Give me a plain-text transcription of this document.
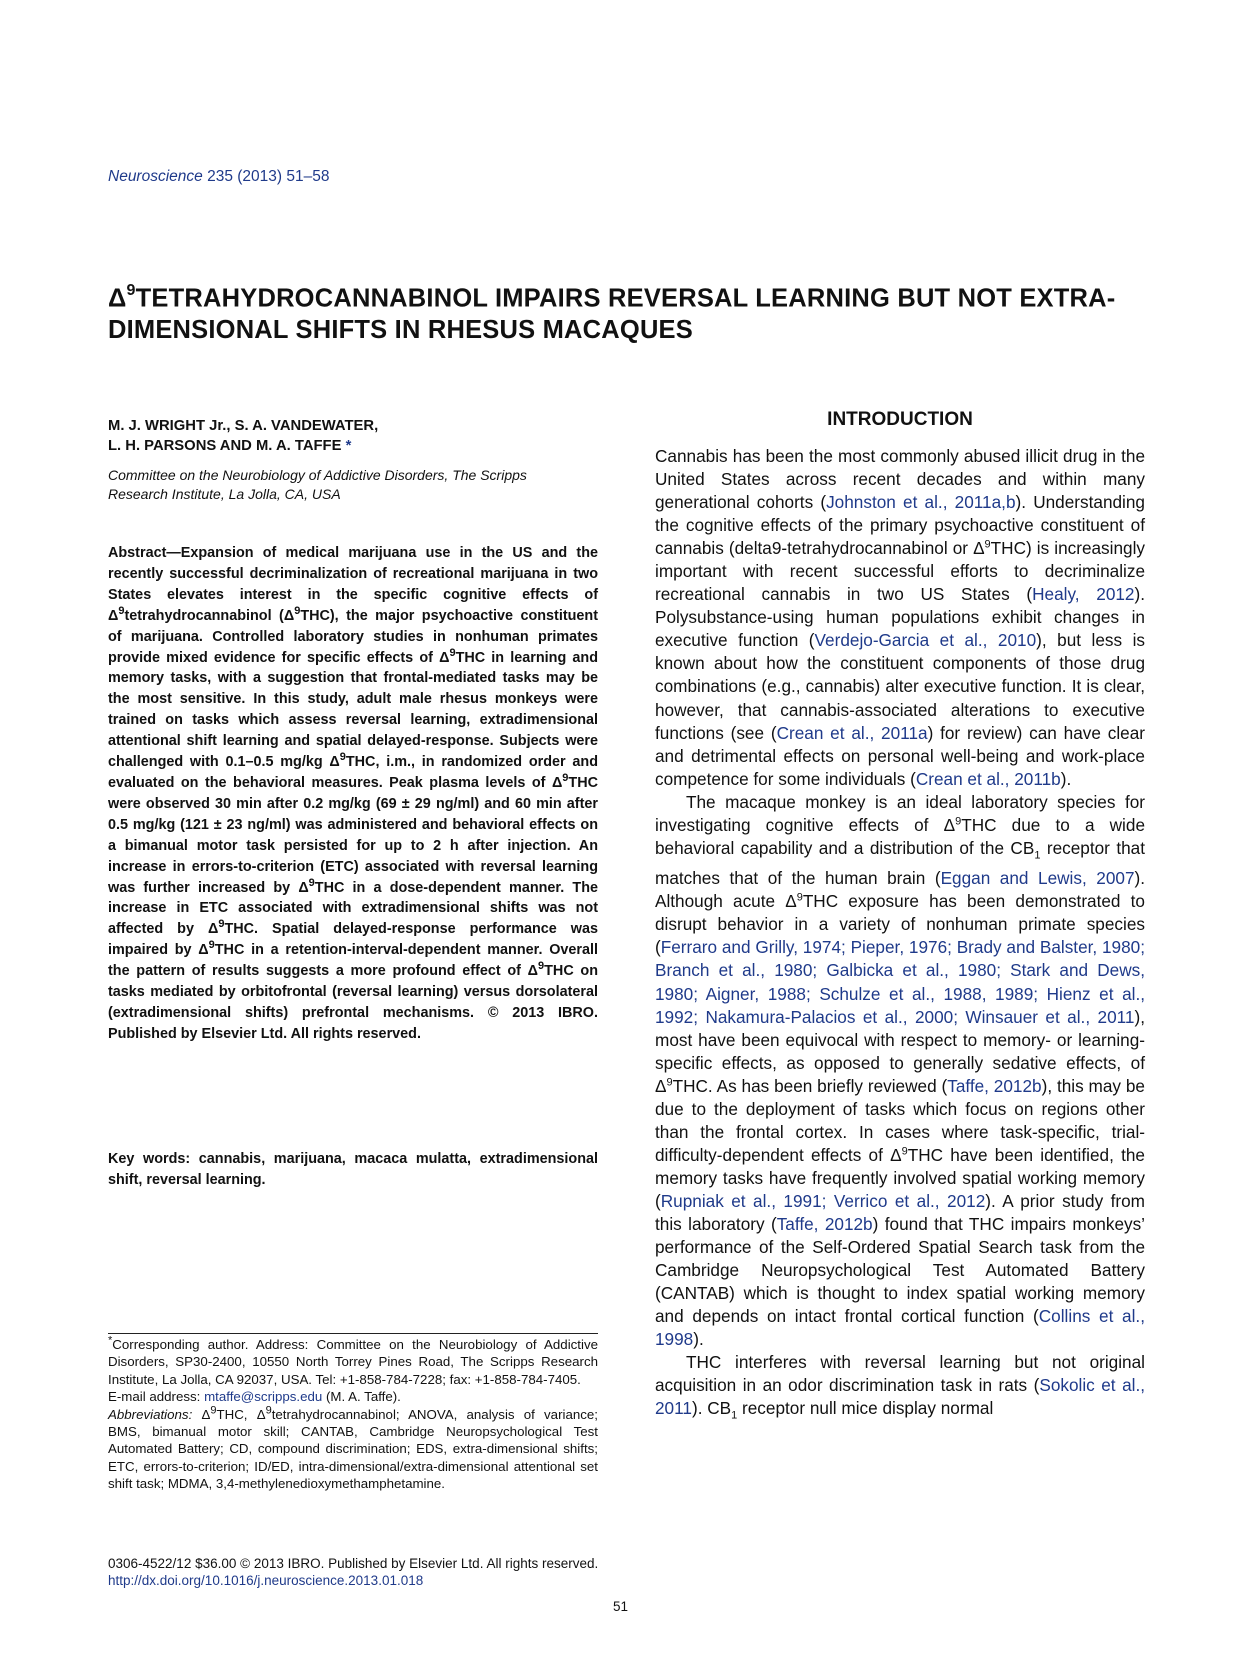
Neuroscience 235 (2013) 51–58
$\Delta^9TETRAHYDROCANNABINOL$ IMPAIRS REVERSAL LEARNING BUT NOT EXTRA-DIMENSIONAL SHIFTS IN RHESUS MACAQUES

M. J. WRIGHT Jr., S. A. VANDEWATER,
L. H. PARSONS AND M. A. TAFFE *

Committee on the Neurobiology of Addictive Disorders, The Scripps Research Institute, La Jolla, CA, USA

Abstract—Expansion of medical marijuana use in the US and the recently successful decriminalization of recreational marijuana in two States elevates interest in the specific cognitive effects of $\Delta^9tetrahydrocannabinol$ $(\Delta^9THC)$, the major psychoactive constituent of marijuana. Controlled laboratory studies in nonhuman primates provide mixed evidence for specific effects of $\Delta^9THC$ in learning and memory tasks, with a suggestion that frontal-mediated tasks may be the most sensitive. In this study, adult male rhesus monkeys were trained on tasks which assess reversal learning, extradimensional attentional shift learning and spatial delayed-response. Subjects were challenged with 0.1–0.5 mg/kg $\Delta^9THC$, i.m., in randomized order and evaluated on the behavioral measures. Peak plasma levels of $\Delta^9THC$ were observed 30 min after 0.2 mg/kg (69 ± 29 ng/ml) and 60 min after 0.5 mg/kg (121 ± 23 ng/ml) was administered and behavioral effects on a bimanual motor task persisted for up to 2 h after injection. An increase in errors-to-criterion (ETC) associated with reversal learning was further increased by $\Delta^9THC$ in a dose-dependent manner. The increase in ETC associated with extradimensional shifts was not affected by $\Delta^9THC$. Spatial delayed-response performance was impaired by $\Delta^9THC$ in a retention-interval-dependent manner. Overall the pattern of results suggests a more profound effect of $\Delta^9THC$ on tasks mediated by orbitofrontal (reversal learning) versus dorsolateral (extradimensional shifts) prefrontal mechanisms. © 2013 IBRO. Published by Elsevier Ltd. All rights reserved.

Key words: cannabis, marijuana, macaca mulatta, extradimensional shift, reversal learning.

*Corresponding author. Address: Committee on the Neurobiology of Addictive Disorders, SP30-2400, 10550 North Torrey Pines Road, The Scripps Research Institute, La Jolla, CA 92037, USA. Tel: +1-858-784-7228; fax: +1-858-784-7405.

E-mail address: mtaffe@scripps.edu (M. A. Taffe).

Abbreviations: $\Delta^9THC$, $\Delta^9tetrahydrocannabinol$; ANOVA, analysis of variance; BMS, bimanual motor skill; CANTAB, Cambridge Neuropsychological Test Automated Battery; CD, compound discrimination; EDS, extra-dimensional shifts; ETC, errors-to-criterion; ID/ED, intra-dimensional/extra-dimensional attentional set shift task; MDMA, 3,4-methylenedioxymethamphetamine.

INTRODUCTION

Cannabis has been the most commonly abused illicit drug in the United States across recent decades and within many generational cohorts (Johnston et al., 2011a,b). Understanding the cognitive effects of the primary psychoactive constituent of cannabis (delta9-tetrahydrocannabinol or $\Delta^9THC$) is increasingly important with recent successful efforts to decriminalize recreational cannabis in two US States (Healy, 2012). Polysubstance-using human populations exhibit changes in executive function (Verdejo-Garcia et al., 2010), but less is known about how the constituent components of those drug combinations (e.g., cannabis) alter executive function. It is clear, however, that cannabis-associated alterations to executive functions (see (Crean et al., 2011a) for review) can have clear and detrimental effects on personal well-being and work-place competence for some individuals (Crean et al., 2011b).

The macaque monkey is an ideal laboratory species for investigating cognitive effects of $\Delta^9THC$ due to a wide behavioral capability and a distribution of the $CB_1$ receptor that matches that of the human brain (Eggan and Lewis, 2007). Although acute $\Delta^9THC$ exposure has been demonstrated to disrupt behavior in a variety of nonhuman primate species (Ferraro and Grilly, 1974; Pieper, 1976; Brady and Balster, 1980; Branch et al., 1980; Galbicka et al., 1980; Stark and Dews, 1980; Aigner, 1988; Schulze et al., 1988, 1989; Hienz et al., 1992; Nakamura-Palacios et al., 2000; Winsauer et al., 2011), most have been equivocal with respect to memory- or learning-specific effects, as opposed to generally sedative effects, of $\Delta^9THC$. As has been briefly reviewed (Taffe, 2012b), this may be due to the deployment of tasks which focus on regions other than the frontal cortex. In cases where task-specific, trial-difficulty-dependent effects of $\Delta^9THC$ have been identified, the memory tasks have frequently involved spatial working memory (Rupniak et al., 1991; Verrico et al., 2012). A prior study from this laboratory (Taffe, 2012b) found that THC impairs monkeys’ performance of the Self-Ordered Spatial Search task from the Cambridge Neuropsychological Test Automated Battery (CANTAB) which is thought to index spatial working memory and depends on intact frontal cortical function (Collins et al., 1998).

THC interferes with reversal learning but not original acquisition in an odor discrimination task in rats (Sokolic et al., 2011). $CB_1$ receptor null mice display normal

0306-4522/12 $36.00 © 2013 IBRO. Published by Elsevier Ltd. All rights reserved.
http://dx.doi.org/10.1016/j.neuroscience.2013.01.018

51
